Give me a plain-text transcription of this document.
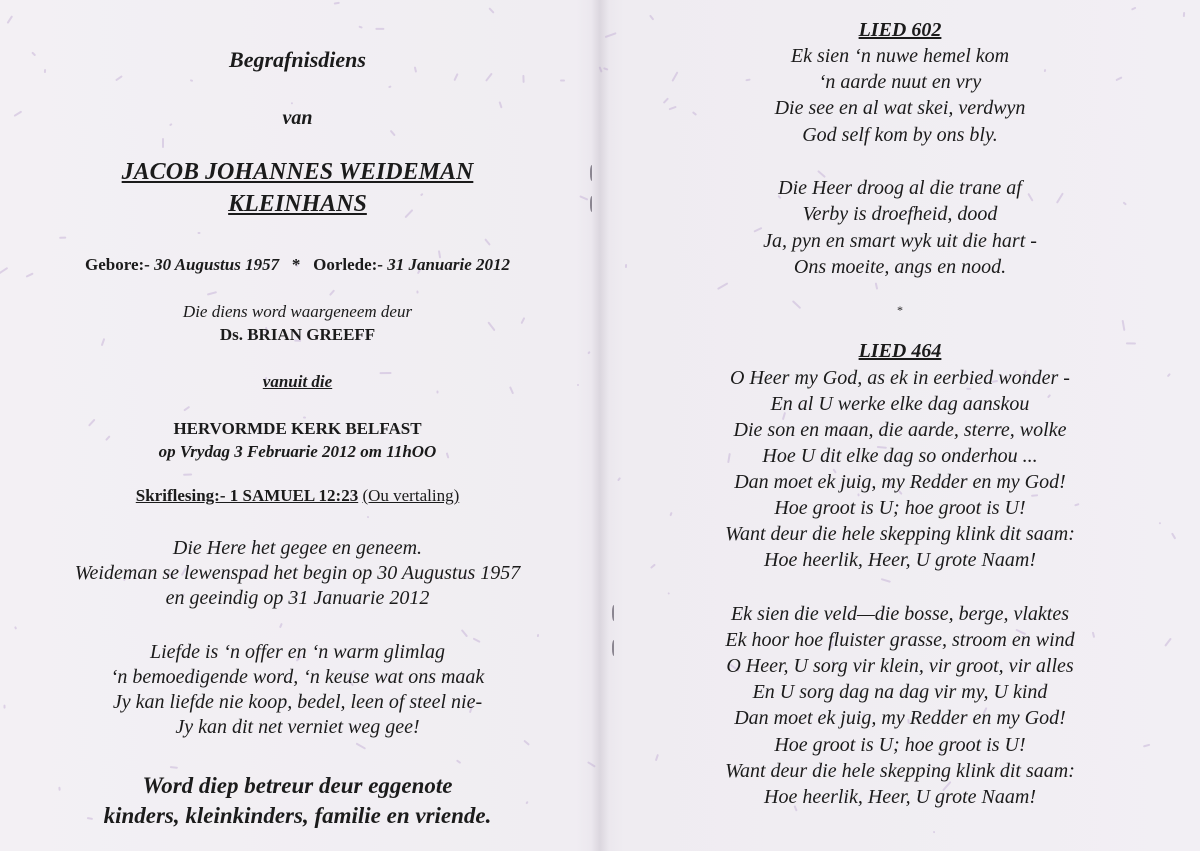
Begrafnisdiens
van
JACOB JOHANNES WEIDEMAN
KLEINHANS
Gebore:- 30 Augustus 1957 * Oorlede:- 31 Januarie 2012
Die diens word waargeneem deur
Ds. BRIAN GREEFF
vanuit die
HERVORMDE KERK BELFAST
op Vrydag 3 Februarie 2012 om 11hOO
Skriflesing:- 1 SAMUEL 12:23 (Ou vertaling)
Die Here het gegee en geneem.
Weideman se lewenspad het begin op 30 Augustus 1957
en geeindig op 31 Januarie 2012
Liefde is ‘n offer en ‘n warm glimlag
‘n bemoedigende word, ‘n keuse wat ons maak
Jy kan liefde nie koop, bedel, leen of steel nie-
Jy kan dit net verniet weg gee!
Word diep betreur deur eggenote
kinders, kleinkinders, familie en vriende.
LIED 602
Ek sien ‘n nuwe hemel kom
‘n aarde nuut en vry
Die see en al wat skei, verdwyn
God self kom by ons bly.
Die Heer droog al die trane af
Verby is droefheid, dood
Ja, pyn en smart wyk uit die hart -
Ons moeite, angs en nood.
*
LIED 464
O Heer my God, as ek in eerbied wonder -
En al U werke elke dag aanskou
Die son en maan, die aarde, sterre, wolke
Hoe U dit elke dag so onderhou ...
Dan moet ek juig, my Redder en my God!
Hoe groot is U; hoe groot is U!
Want deur die hele skepping klink dit saam:
Hoe heerlik, Heer, U grote Naam!
Ek sien die veld—die bosse, berge, vlaktes
Ek hoor hoe fluister grasse, stroom en wind
O Heer, U sorg vir klein, vir groot, vir alles
En U sorg dag na dag vir my, U kind
Dan moet ek juig, my Redder en my God!
Hoe groot is U; hoe groot is U!
Want deur die hele skepping klink dit saam:
Hoe heerlik, Heer, U grote Naam!
